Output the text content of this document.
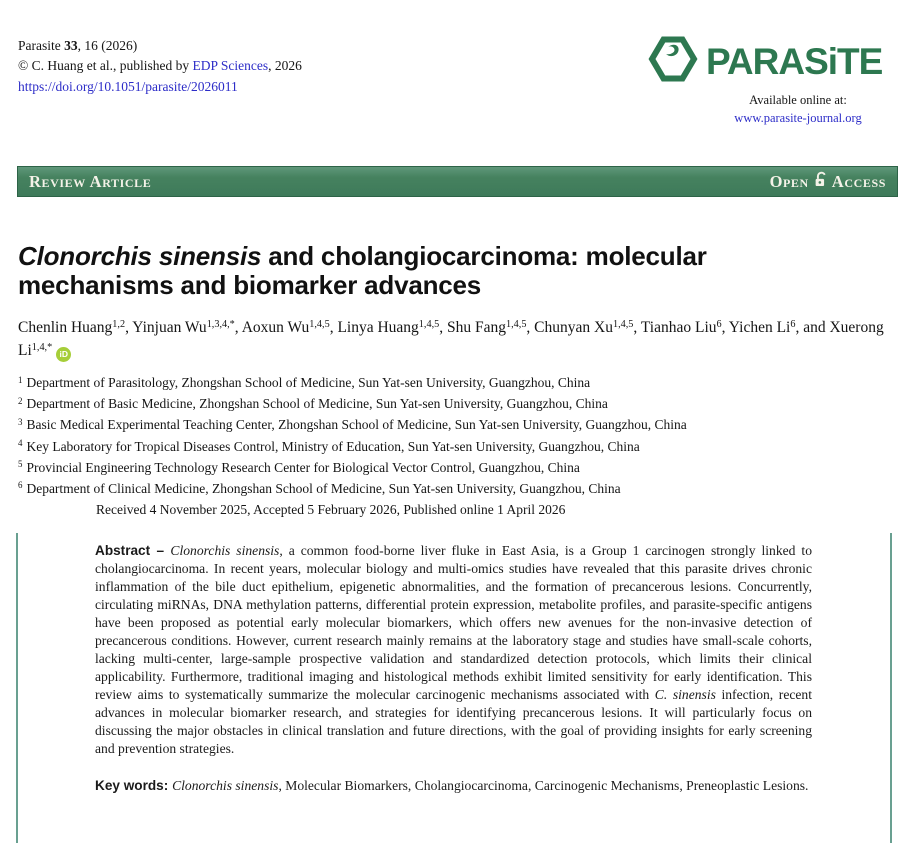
Parasite 33, 16 (2026)
© C. Huang et al., published by EDP Sciences, 2026
https://doi.org/10.1051/parasite/2026011
PARASiTE
Available online at:
www.parasite-journal.org
Review Article	Open Access
Clonorchis sinensis and cholangiocarcinoma: molecular
mechanisms and biomarker advances
Chenlin Huang$^{1,2}$, Yinjuan $Wu^{1,3,4,*}$, Aoxun Wu$^{1,4,5}$, Linya Huang$^{1,4,5}$, Shu Fang$^{1,4,5}$, Chunyan Xu$^{1,4,5}$, Tianhao Liu$^6$, Yichen Li$^6$, and Xuerong $Li^{1,4,*}iD$
$^1$ Department of Parasitology, Zhongshan School of Medicine, Sun Yat-sen University, Guangzhou, China
$^2$ Department of Basic Medicine, Zhongshan School of Medicine, Sun Yat-sen University, Guangzhou, China
$^3$ Basic Medical Experimental Teaching Center, Zhongshan School of Medicine, Sun Yat-sen University, Guangzhou, China
$^4$ Key Laboratory for Tropical Diseases Control, Ministry of Education, Sun Yat-sen University, Guangzhou, China
$^5$ Provincial Engineering Technology Research Center for Biological Vector Control, Guangzhou, China
$^6$ Department of Clinical Medicine, Zhongshan School of Medicine, Sun Yat-sen University, Guangzhou, China
Received 4 November 2025, Accepted 5 February 2026, Published online 1 April 2026

Abstract – Clonorchis sinensis, a common food-borne liver fluke in East Asia, is a Group 1 carcinogen strongly linked to cholangiocarcinoma. In recent years, molecular biology and multi-omics studies have revealed that this parasite drives chronic inflammation of the bile duct epithelium, epigenetic abnormalities, and the formation of precancerous lesions. Concurrently, circulating miRNAs, DNA methylation patterns, differential protein expression, metabolite profiles, and parasite-specific antigens have been proposed as potential early molecular biomarkers, which offers new avenues for the non-invasive detection of precancerous conditions. However, current research mainly remains at the laboratory stage and studies have small-scale cohorts, lacking multi-center, large-sample prospective validation and standardized detection protocols, which limits their clinical applicability. Furthermore, traditional imaging and histological methods exhibit limited sensitivity for early identification. This review aims to systematically summarize the molecular carcinogenic mechanisms associated with C. sinensis infection, recent advances in molecular biomarker research, and strategies for identifying precancerous lesions. It will particularly focus on discussing the major obstacles in clinical translation and future directions, with the goal of providing insights for early screening and prevention strategies.

Key words: Clonorchis sinensis, Molecular Biomarkers, Cholangiocarcinoma, Carcinogenic Mechanisms, Preneoplastic Lesions.
